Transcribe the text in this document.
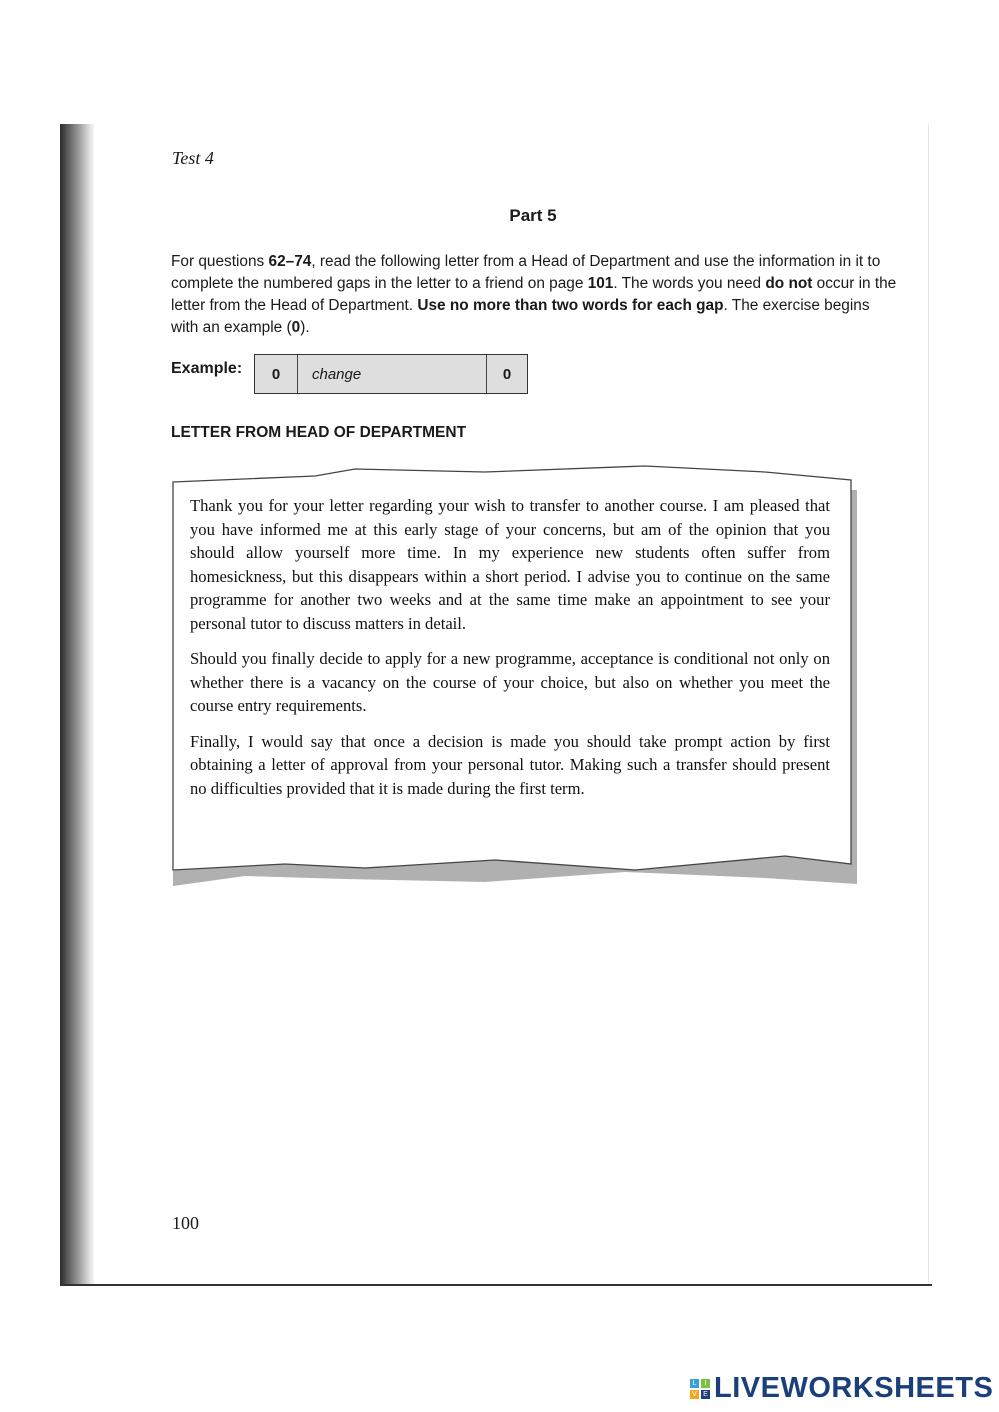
Test 4
Part 5
For questions 62–74, read the following letter from a Head of Department and use the information in it to complete the numbered gaps in the letter to a friend on page 101. The words you need do not occur in the letter from the Head of Department. Use no more than two words for each gap. The exercise begins with an example (0).
Example:	0	change	0
LETTER FROM HEAD OF DEPARTMENT

Thank you for your letter regarding your wish to transfer to another course. I am pleased that you have informed me at this early stage of your concerns, but am of the opinion that you should allow yourself more time. In my experience new students often suffer from homesickness, but this disappears within a short period. I advise you to continue on the same programme for another two weeks and at the same time make an appointment to see your personal tutor to discuss matters in detail.

Should you finally decide to apply for a new programme, acceptance is conditional not only on whether there is a vacancy on the course of your choice, but also on whether you meet the course entry requirements.

Finally, I would say that once a decision is made you should take prompt action by first obtaining a letter of approval from your personal tutor. Making such a transfer should present no difficulties provided that it is made during the first term.

100
L	I
V E LIVEWORKSHEETS
